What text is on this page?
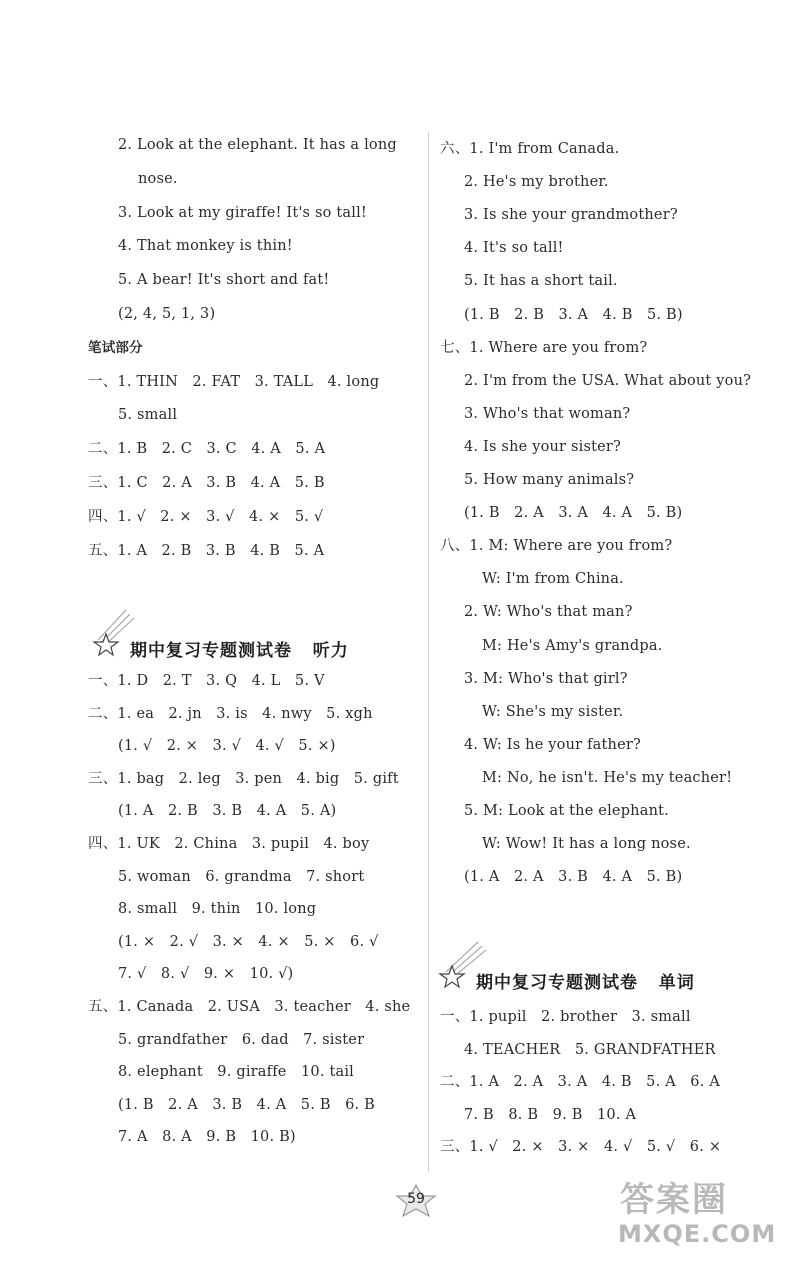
2. Look at the elephant. It has a long
nose.
3. Look at my giraffe! It's so tall!
4. That monkey is thin!
5. A bear! It's short and fat!
(2, 4, 5, 1, 3)
笔试部分
一、1. THIN   2. FAT   3. TALL   4. long
5. small
二、1. B   2. C   3. C   4. A   5. A
三、1. C   2. A   3. B   4. A   5. B
四、1. √   2. ×   3. √   4. ×   5. √
五、1. A   2. B   3. B   4. B   5. A
期中复习专题测试卷   听力
一、1. D   2. T   3. Q   4. L   5. V
二、1. ea   2. jn   3. is   4. nwy   5. xgh
(1. √   2. ×   3. √   4. √   5. ×)
三、1. bag   2. leg   3. pen   4. big   5. gift
(1. A   2. B   3. B   4. A   5. A)
四、1. UK   2. China   3. pupil   4. boy
5. woman   6. grandma   7. short
8. small   9. thin   10. long
(1. ×   2. √   3. ×   4. ×   5. ×   6. √
7. √   8. √   9. ×   10. √)
五、1. Canada   2. USA   3. teacher   4. she
5. grandfather   6. dad   7. sister
8. elephant   9. giraffe   10. tail
(1. B   2. A   3. B   4. A   5. B   6. B
7. A   8. A   9. B   10. B)
六、1. I'm from Canada.
2. He's my brother.
3. Is she your grandmother?
4. It's so tall!
5. It has a short tail.
(1. B   2. B   3. A   4. B   5. B)
七、1. Where are you from?
2. I'm from the USA. What about you?
3. Who's that woman?
4. Is she your sister?
5. How many animals?
(1. B   2. A   3. A   4. A   5. B)
八、1. M: Where are you from?
W: I'm from China.
2. W: Who's that man?
M: He's Amy's grandpa.
3. M: Who's that girl?
W: She's my sister.
4. W: Is he your father?
M: No, he isn't. He's my teacher!
5. M: Look at the elephant.
W: Wow! It has a long nose.
(1. A   2. A   3. B   4. A   5. B)
期中复习专题测试卷   单词
一、1. pupil   2. brother   3. small
4. TEACHER   5. GRANDFATHER
二、1. A   2. A   3. A   4. B   5. A   6. A
7. B   8. B   9. B   10. A
三、1. √   2. ×   3. ×   4. √   5. √   6. ×
59	答案圈
MXQE.COM
